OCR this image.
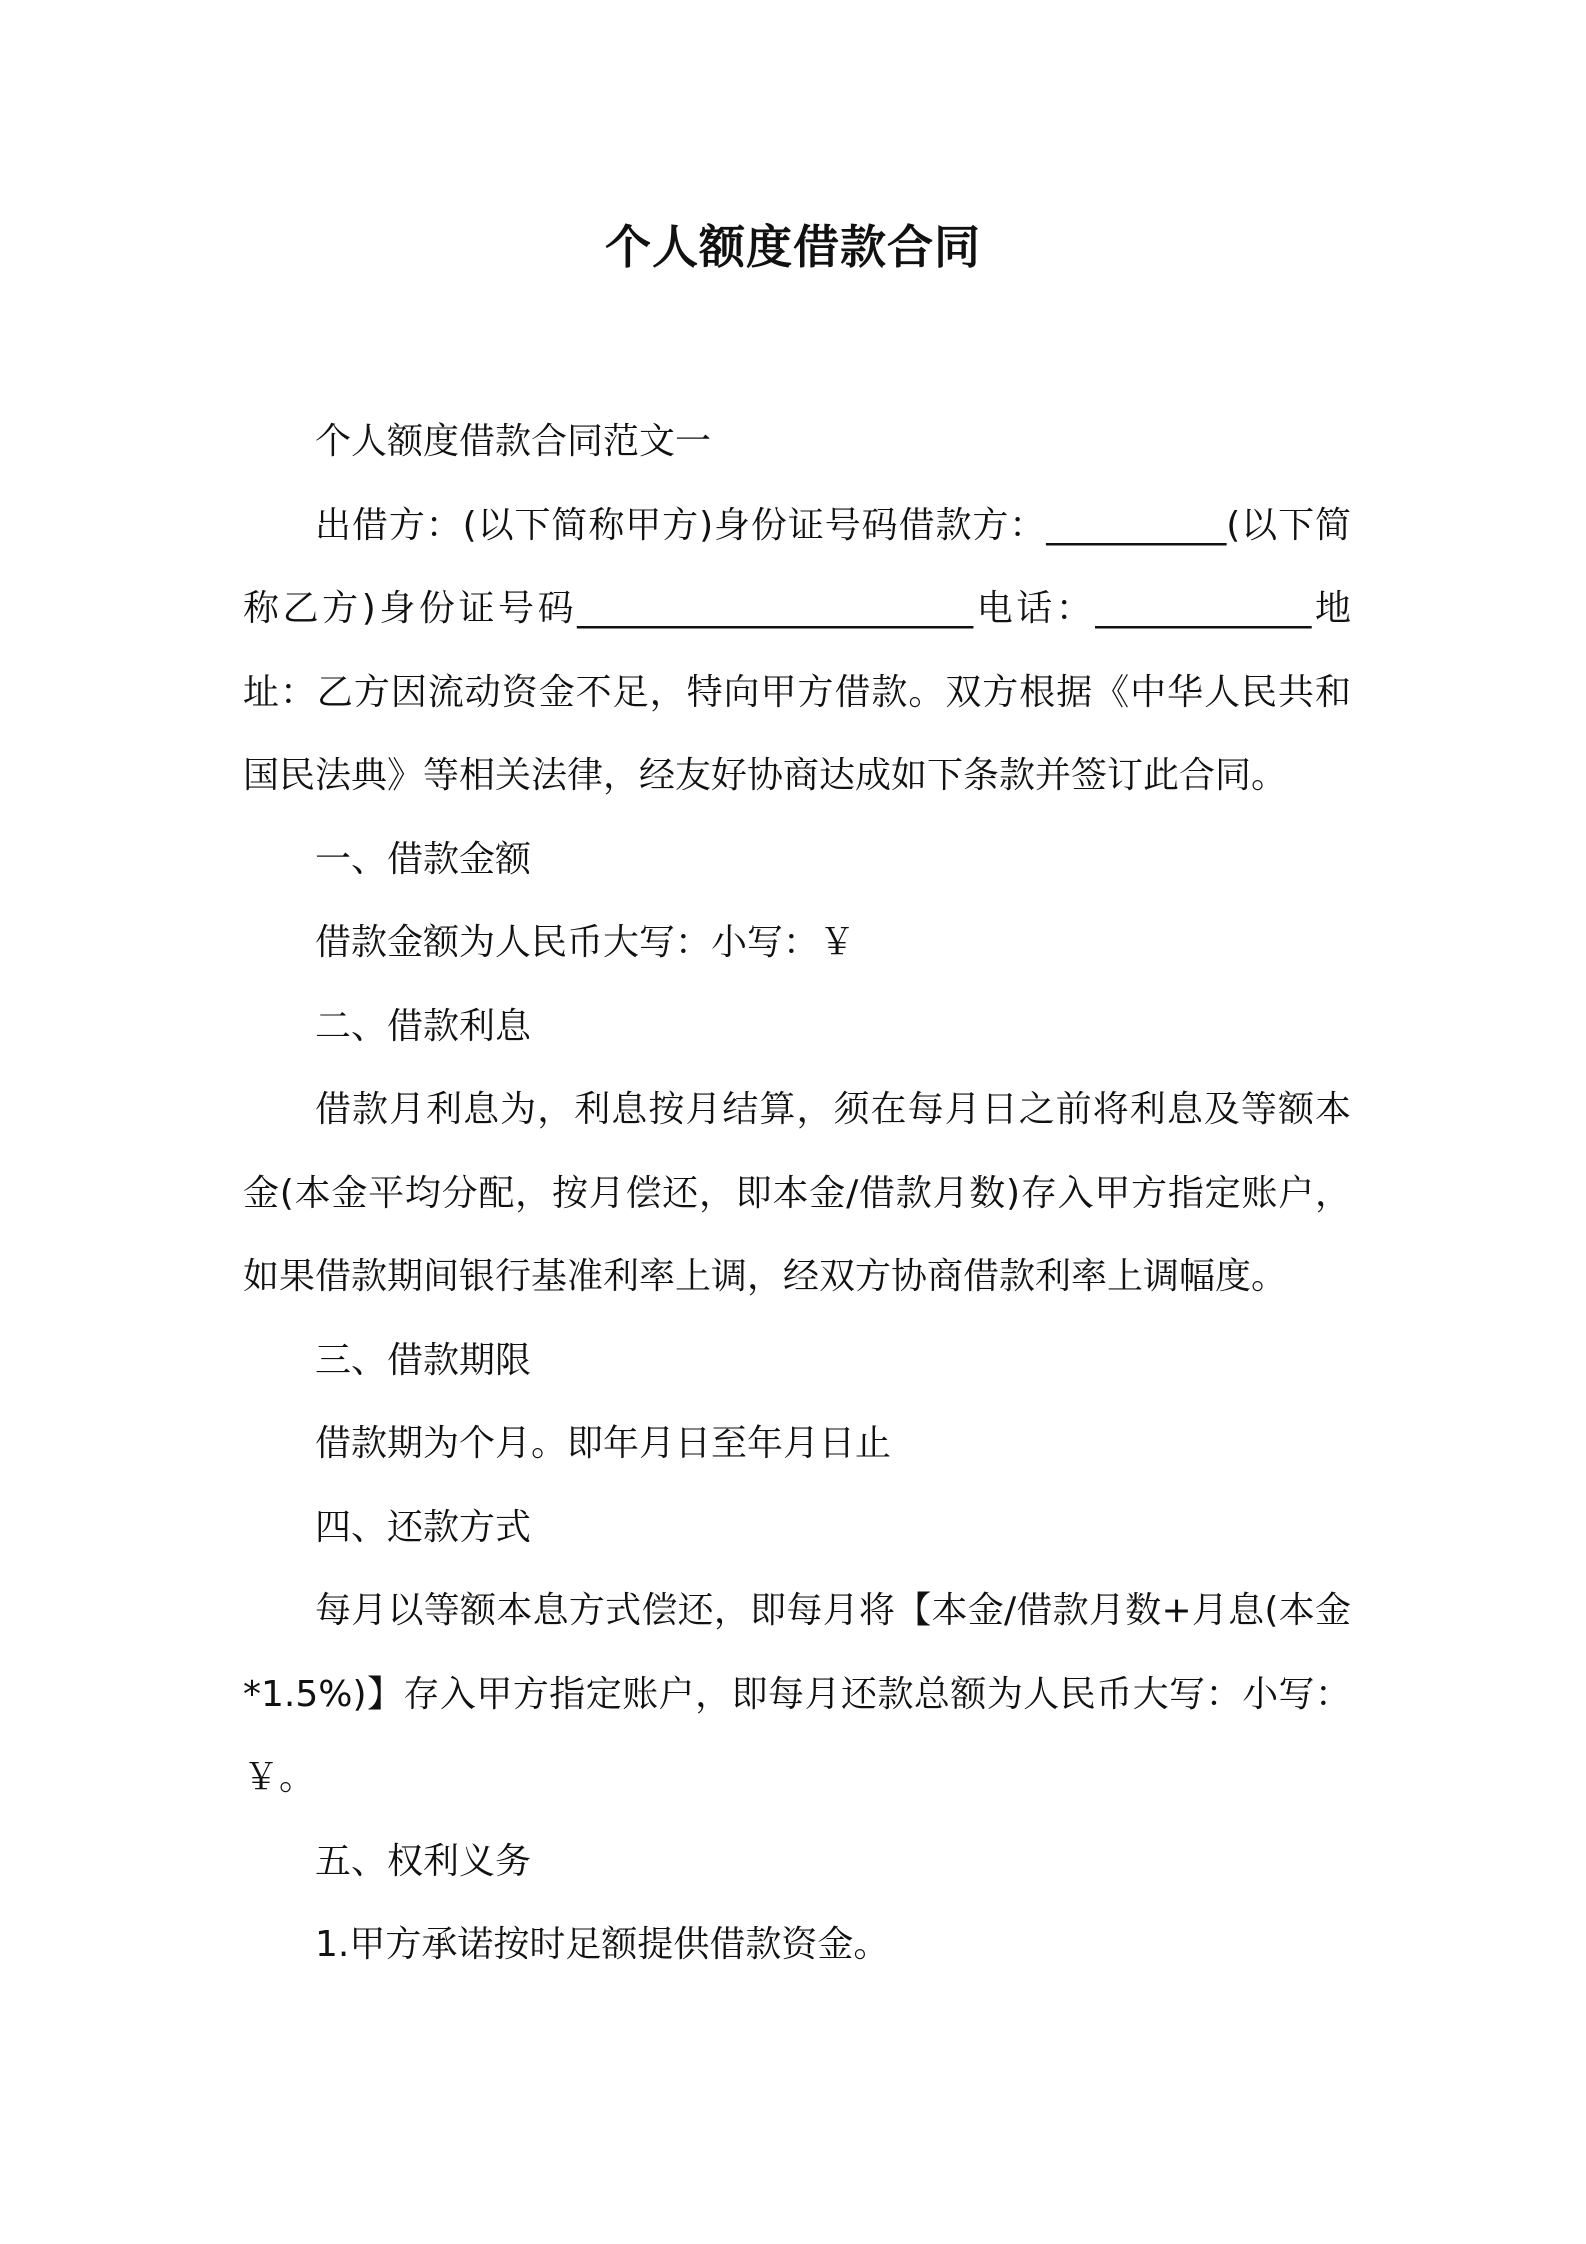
个人额度借款合同

个人额度借款合同范文一

出借方：(以下简称甲方)身份证号码借款方：__________(以下简称乙方)身份证号码______________________电话：____________地址：乙方因流动资金不足，特向甲方借款。双方根据《中华人民共和国民法典》等相关法律，经友好协商达成如下条款并签订此合同。

一、借款金额

借款金额为人民币大写：小写：￥

二、借款利息

借款月利息为，利息按月结算，须在每月日之前将利息及等额本金(本金平均分配，按月偿还，即本金/借款月数)存入甲方指定账户，如果借款期间银行基准利率上调，经双方协商借款利率上调幅度。

三、借款期限

借款期为个月。即年月日至年月日止

四、还款方式

每月以等额本息方式偿还，即每月将【本金/借款月数+月息(本金*1.5%)】存入甲方指定账户，即每月还款总额为人民币大写：小写：￥。

五、权利义务

1.甲方承诺按时足额提供借款资金。
